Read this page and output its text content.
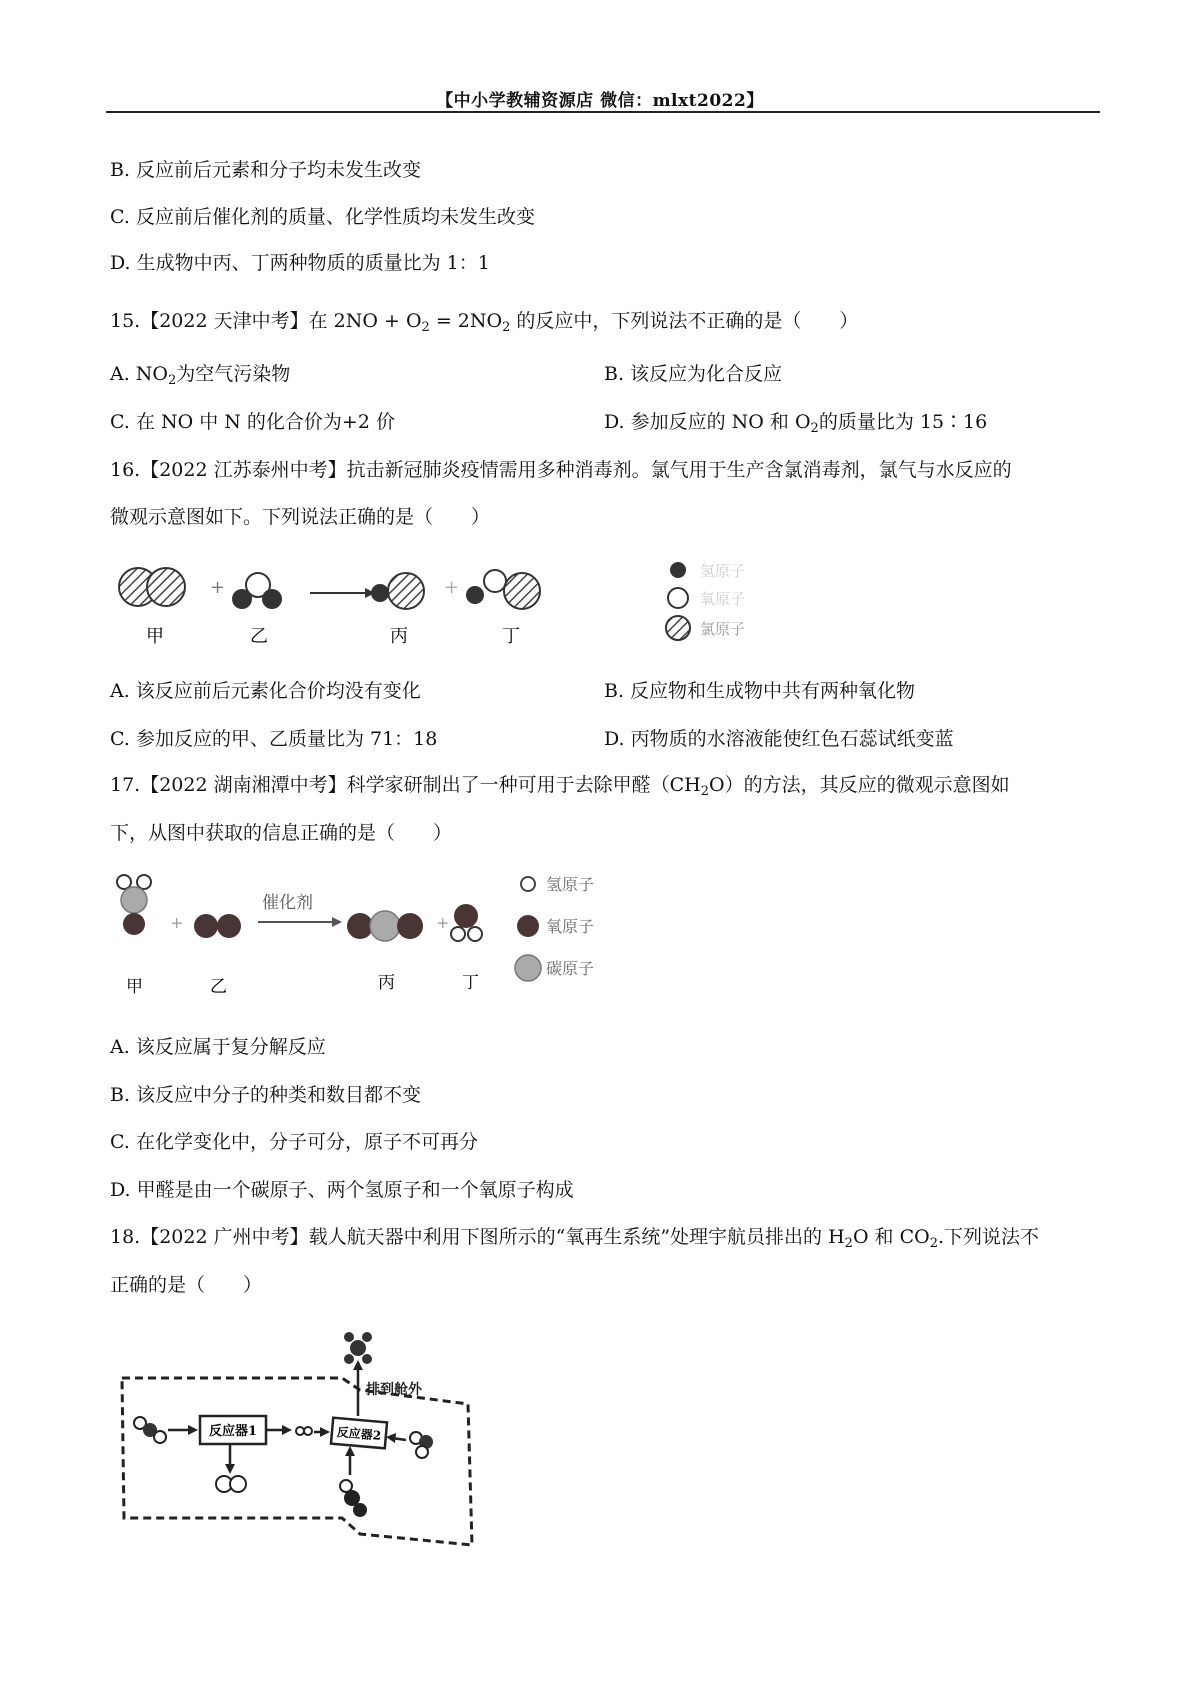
【中小学教辅资源店 微信：mlxt2022】
B. 反应前后元素和分子均未发生改变
C. 反应前后催化剂的质量、化学性质均未发生改变
D. 生成物中丙、丁两种物质的质量比为 1：1
15.【2022 天津中考】在 $2NO + O_2 = 2NO_2$ 的反应中，下列说法不正确的是（　　）
A. $NO_2$为空气污染物	B. 该反应为化合反应
C. 在 NO 中 N 的化合价为+2 价	D. 参加反应的 NO 和 $O_2$的质量比为 15∶16
16.【2022 江苏泰州中考】抗击新冠肺炎疫情需用多种消毒剂。氯气用于生产含氯消毒剂，氯气与水反应的
微观示意图如下。下列说法正确的是（　　）
+	+
甲	乙	丙	丁
氢原子
氧原子
氯原子
A. 该反应前后元素化合价均没有变化	B. 反应物和生成物中共有两种氧化物
C. 参加反应的甲、乙质量比为 71：18	D. 丙物质的水溶液能使红色石蕊试纸变蓝
17.【2022 湖南湘潭中考】科学家研制出了一种可用于去除甲醛$(CH_2O)$的方法，其反应的微观示意图如
下，从图中获取的信息正确的是（　　）
+
催化剂
+
甲	乙	丙	丁
氢原子
氧原子
碳原子
A. 该反应属于复分解反应
B. 该反应中分子的种类和数目都不变
C. 在化学变化中，分子可分，原子不可再分
D. 甲醛是由一个碳原子、两个氢原子和一个氧原子构成
18.【2022 广州中考】载人航天器中利用下图所示的“氧再生系统”处理宇航员排出的 $H_2O$ 和 $CO_2$.下列说法不
正确的是（　　）
排到舱外
反应器1	反应器2
